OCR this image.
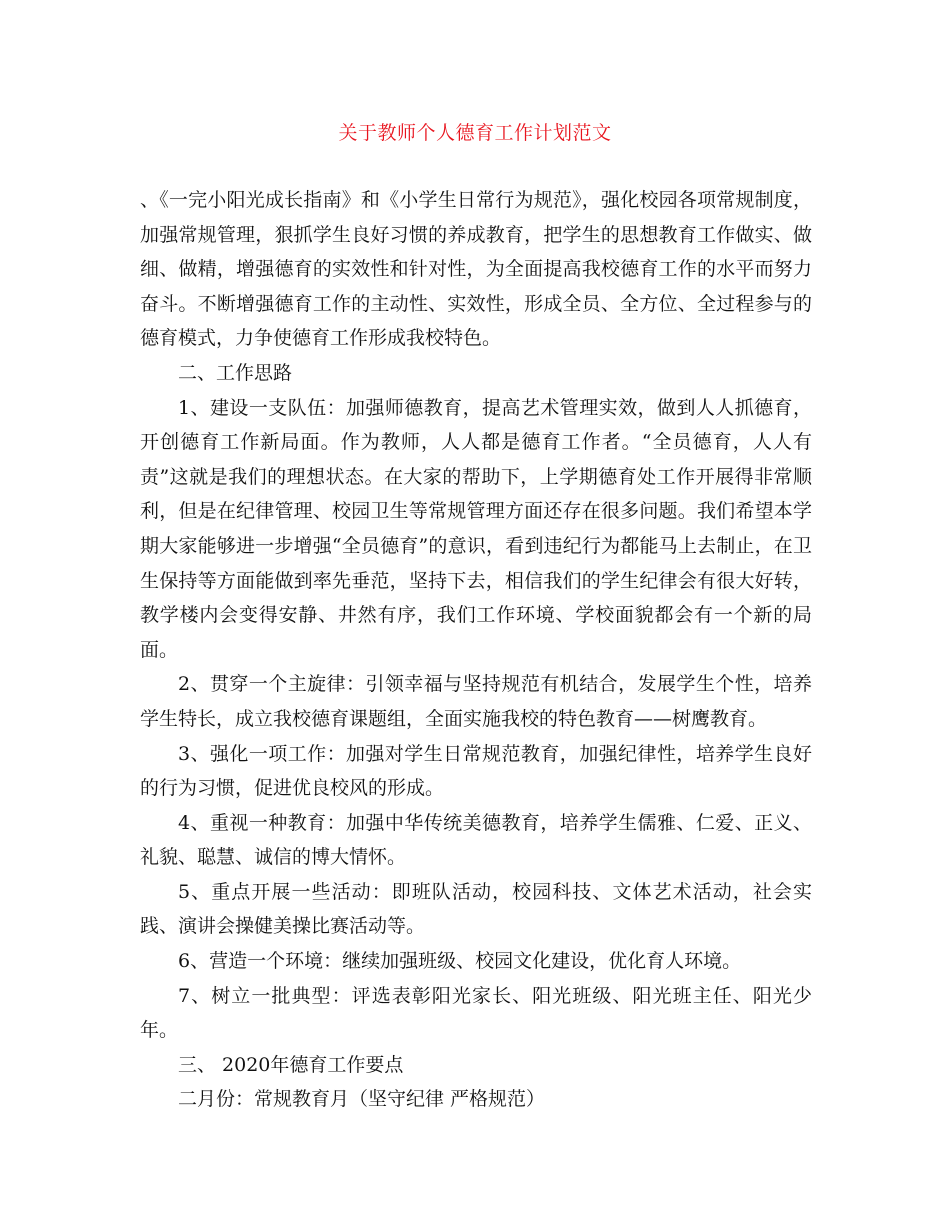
关于教师个人德育工作计划范文

、《一完小阳光成长指南》和《小学生日常行为规范》，强化校园各项常规制度，加强常规管理，狠抓学生良好习惯的养成教育，把学生的思想教育工作做实、做细、做精，增强德育的实效性和针对性，为全面提高我校德育工作的水平而努力奋斗。不断增强德育工作的主动性、实效性，形成全员、全方位、全过程参与的德育模式，力争使德育工作形成我校特色。

二、工作思路

1、建设一支队伍：加强师德教育，提高艺术管理实效，做到人人抓德育，开创德育工作新局面。作为教师，人人都是德育工作者。“全员德育，人人有责”这就是我们的理想状态。在大家的帮助下，上学期德育处工作开展得非常顺利，但是在纪律管理、校园卫生等常规管理方面还存在很多问题。我们希望本学期大家能够进一步增强“全员德育”的意识，看到违纪行为都能马上去制止，在卫生保持等方面能做到率先垂范，坚持下去，相信我们的学生纪律会有很大好转，教学楼内会变得安静、井然有序，我们工作环境、学校面貌都会有一个新的局面。

2、贯穿一个主旋律：引领幸福与坚持规范有机结合，发展学生个性，培养学生特长，成立我校德育课题组，全面实施我校的特色教育——树鹰教育。

3、强化一项工作：加强对学生日常规范教育，加强纪律性，培养学生良好的行为习惯，促进优良校风的形成。

4、重视一种教育：加强中华传统美德教育，培养学生儒雅、仁爱、正义、礼貌、聪慧、诚信的博大情怀。

5、重点开展一些活动：即班队活动，校园科技、文体艺术活动，社会实践、演讲会操健美操比赛活动等。

6、营造一个环境：继续加强班级、校园文化建设，优化育人环境。

7、树立一批典型：评选表彰阳光家长、阳光班级、阳光班主任、阳光少年。

三、 2020年德育工作要点

二月份：常规教育月（坚守纪律 严格规范）
